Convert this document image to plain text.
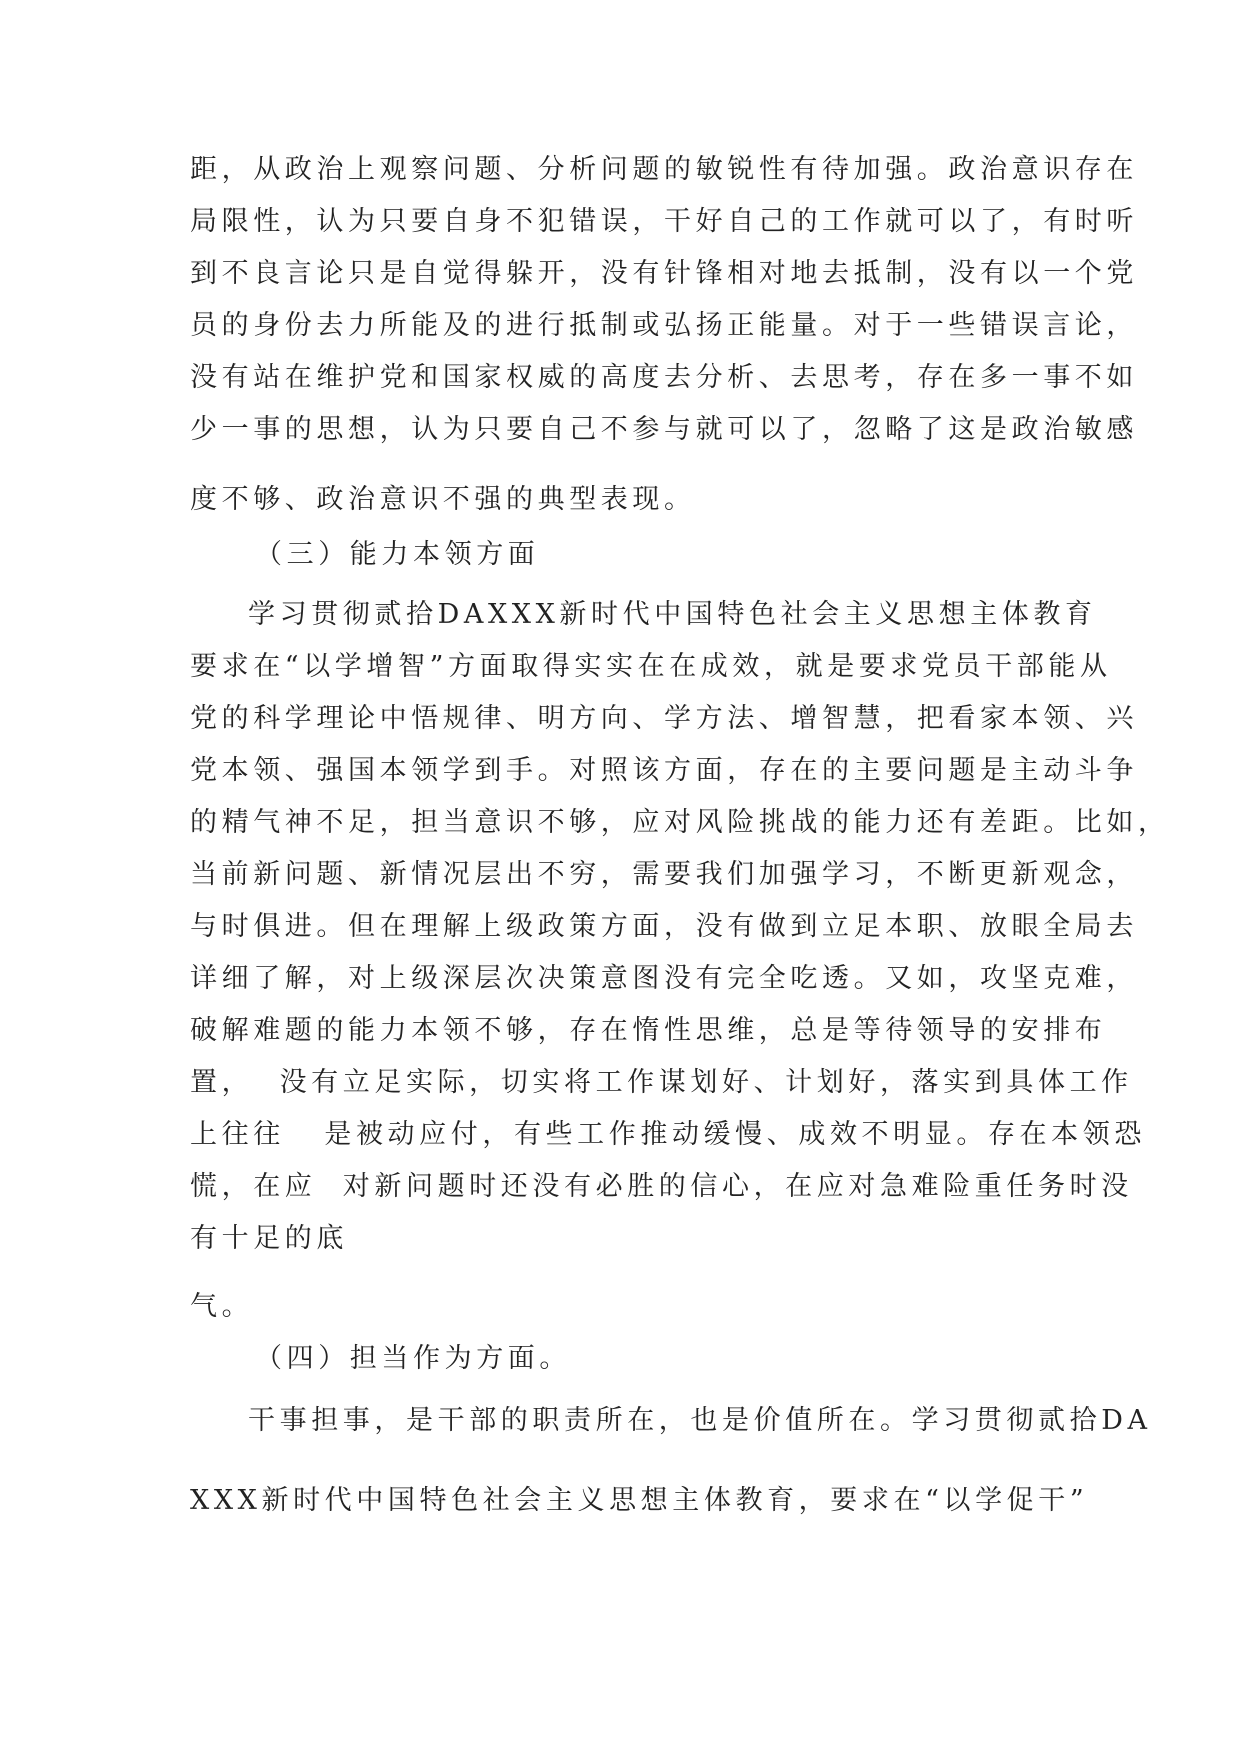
距，从政治上观察问题、分析问题的敏锐性有待加强。政治意识存在
局限性，认为只要自身不犯错误，干好自己的工作就可以了，有时听
到不良言论只是自觉得躲开，没有针锋相对地去抵制，没有以一个党
员的身份去力所能及的进行抵制或弘扬正能量。对于一些错误言论，
没有站在维护党和国家权威的高度去分析、去思考，存在多一事不如
少一事的思想，认为只要自己不参与就可以了，忽略了这是政治敏感
度不够、政治意识不强的典型表现。
（三）能力本领方面
学习贯彻贰拾DAXXX新时代中国特色社会主义思想主体教育
要求在“以学增智”方面取得实实在在成效，就是要求党员干部能从
党的科学理论中悟规律、明方向、学方法、增智慧，把看家本领、兴
党本领、强国本领学到手。对照该方面，存在的主要问题是主动斗争
的精气神不足，担当意识不够，应对风险挑战的能力还有差距。比如，
当前新问题、新情况层出不穷，需要我们加强学习，不断更新观念，
与时俱进。但在理解上级政策方面，没有做到立足本职、放眼全局去
详细了解，对上级深层次决策意图没有完全吃透。又如，攻坚克难，
破解难题的能力本领不够，存在惰性思维，总是等待领导的安排布
置，  没有立足实际，切实将工作谋划好、计划好，落实到具体工作
上往往   是被动应付，有些工作推动缓慢、成效不明显。存在本领恐
慌，在应  对新问题时还没有必胜的信心，在应对急难险重任务时没
有十足的底
气。
（四）担当作为方面。
干事担事，是干部的职责所在，也是价值所在。学习贯彻贰拾DA
XXX新时代中国特色社会主义思想主体教育，要求在“以学促干”
